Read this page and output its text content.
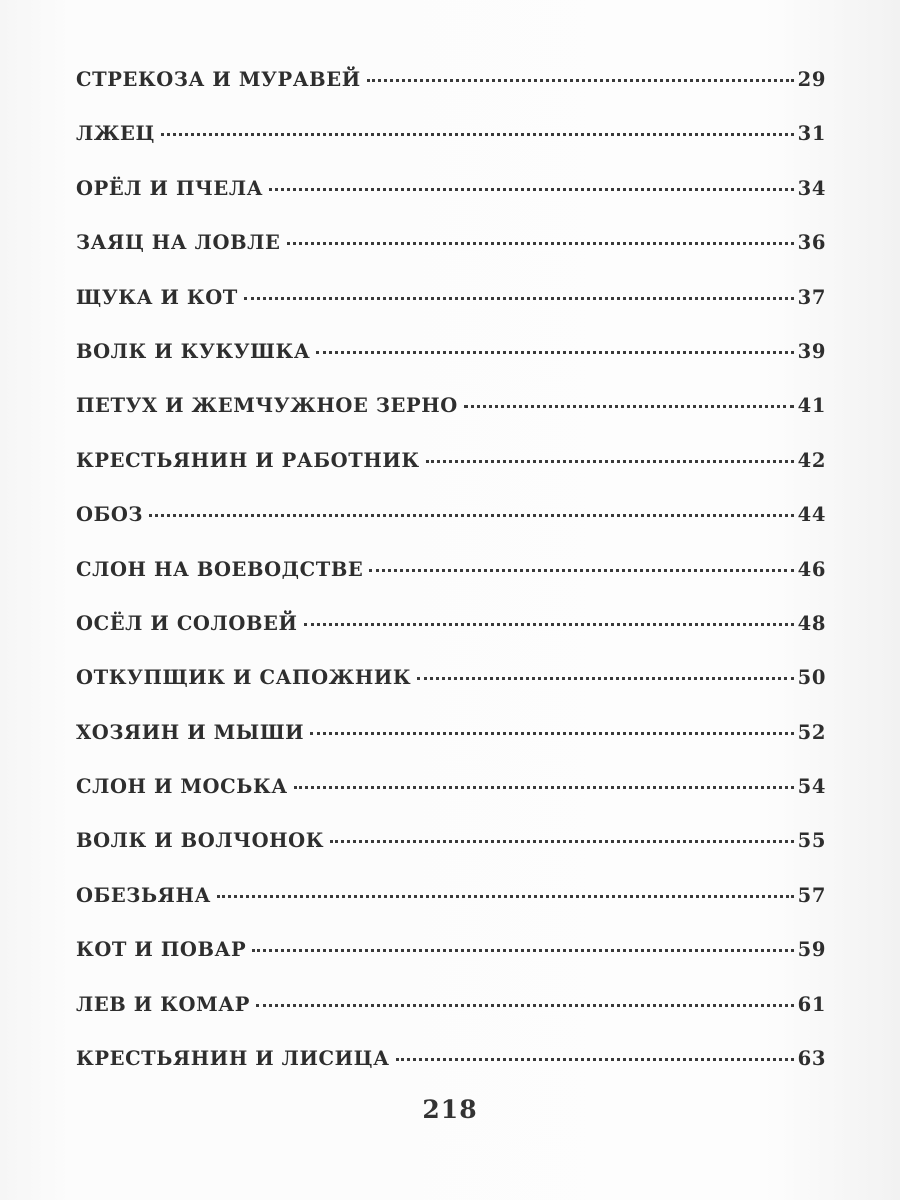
СТРЕКОЗА И МУРАВЕЙ	29
ЛЖЕЦ	31
ОРЁЛ И ПЧЕЛА	34
ЗАЯЦ НА ЛОВЛЕ	36
ЩУКА И КОТ	37
ВОЛК И КУКУШКА	39
ПЕТУХ И ЖЕМЧУЖНОЕ ЗЕРНО	41
КРЕСТЬЯНИН И РАБОТНИК	42
ОБОЗ	44
СЛОН НА ВОЕВОДСТВЕ	46
ОСЁЛ И СОЛОВЕЙ	48
ОТКУПЩИК И САПОЖНИК	50
ХОЗЯИН И МЫШИ	52
СЛОН И МОСЬКА	54
ВОЛК И ВОЛЧОНОК	55
ОБЕЗЬЯНА	57
КОТ И ПОВАР	59
ЛЕВ И КОМАР	61
КРЕСТЬЯНИН И ЛИСИЦА	63
218
